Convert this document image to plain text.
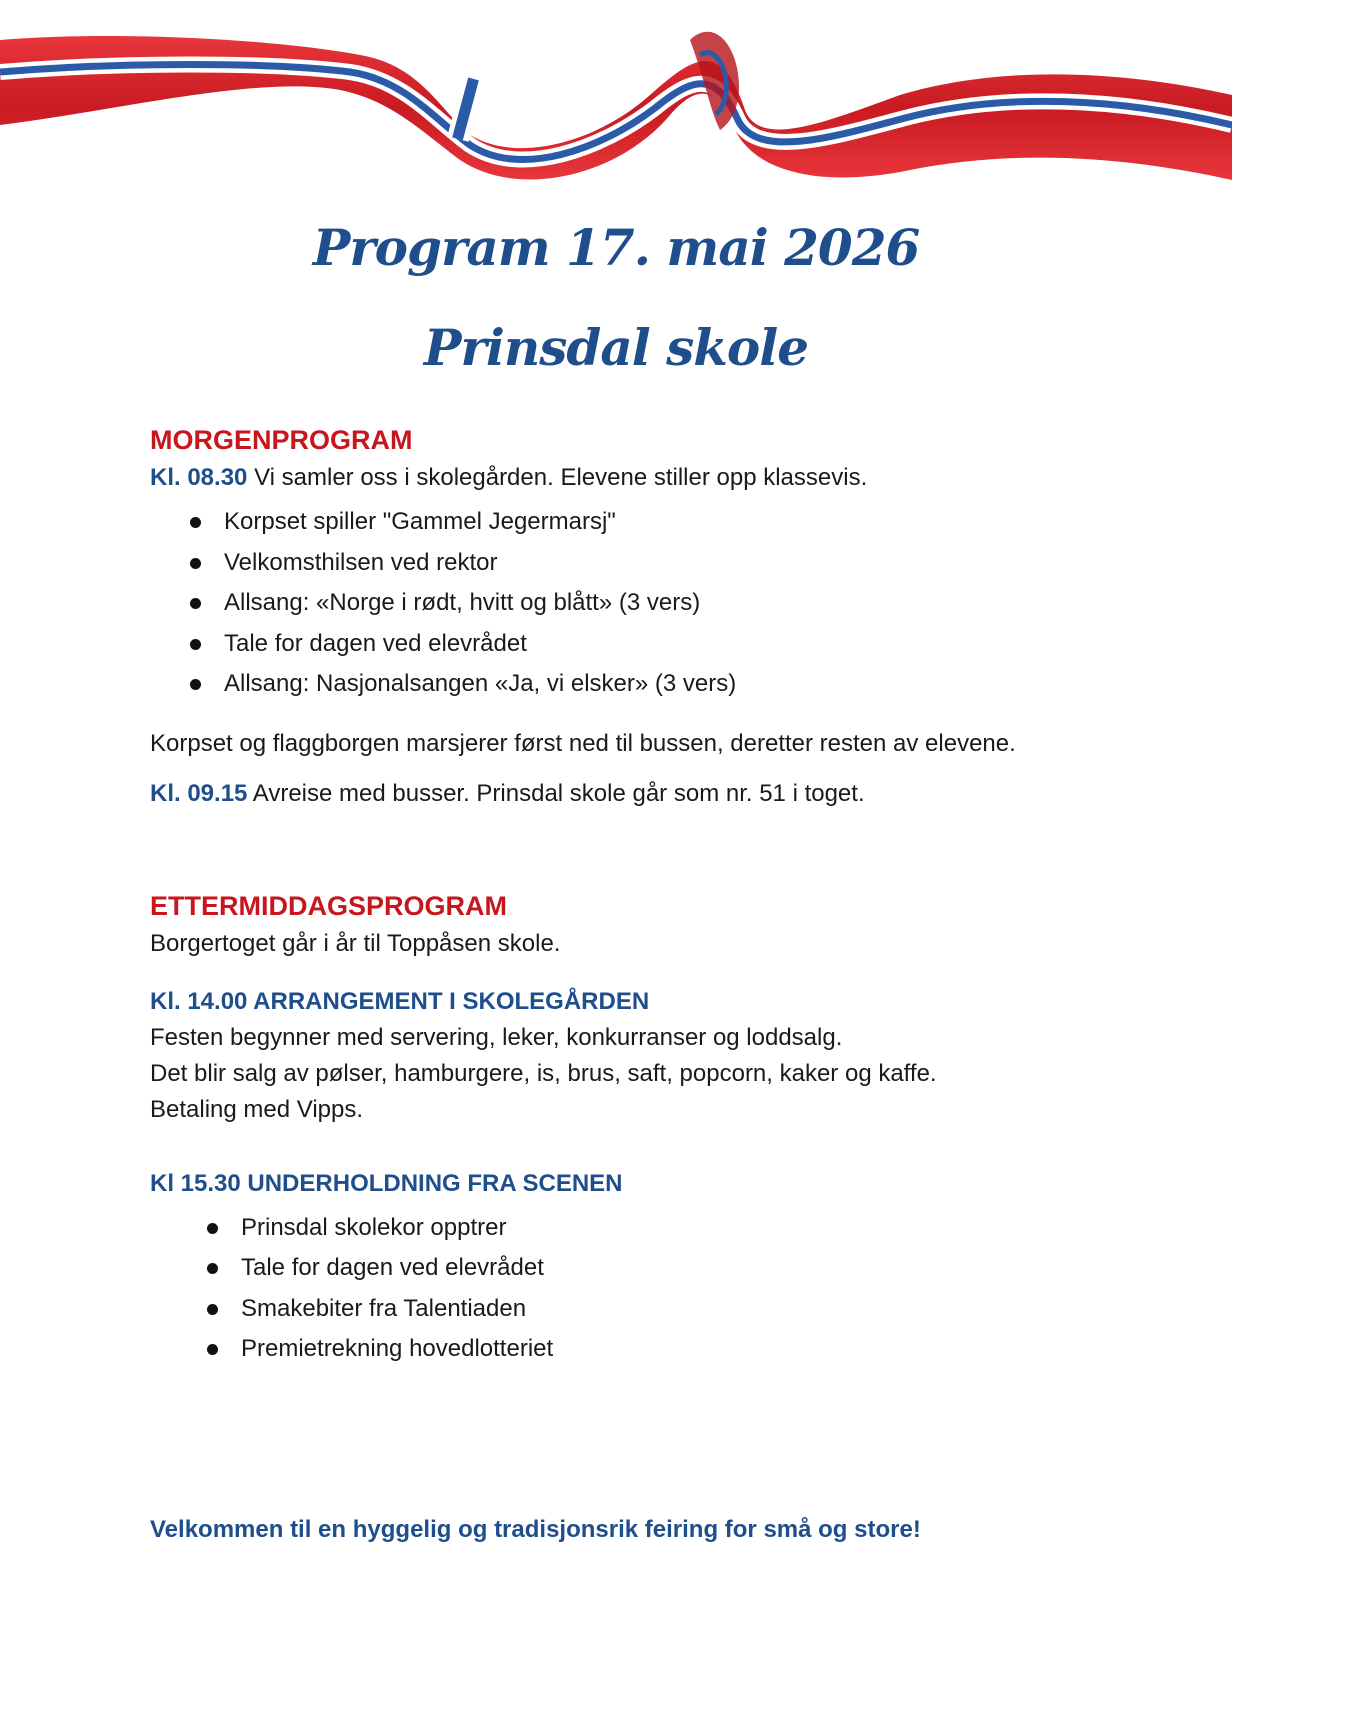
Program 17. mai 2026
Prinsdal skole
MORGENPROGRAM

Kl. 08.30 Vi samler oss i skolegården. Elevene stiller opp klassevis.

Korpset spiller "Gammel Jegermarsj"
Velkomsthilsen ved rektor
Allsang: «Norge i rødt, hvitt og blått» (3 vers)
Tale for dagen ved elevrådet
Allsang: Nasjonalsangen «Ja, vi elsker» (3 vers)

Korpset og flaggborgen marsjerer først ned til bussen, deretter resten av elevene.

Kl. 09.15 Avreise med busser. Prinsdal skole går som nr. 51 i toget.

ETTERMIDDAGSPROGRAM

Borgertoget går i år til Toppåsen skole.

Kl. 14.00 ARRANGEMENT I SKOLEGÅRDEN

Festen begynner med servering, leker, konkurranser og loddsalg.

Det blir salg av pølser, hamburgere, is, brus, saft, popcorn, kaker og kaffe.

Betaling med Vipps.

Kl 15.30 UNDERHOLDNING FRA SCENEN
Prinsdal skolekor opptrer
Tale for dagen ved elevrådet
Smakebiter fra Talentiaden
Premietrekning hovedlotteriet
Velkommen til en hyggelig og tradisjonsrik feiring for små og store!
